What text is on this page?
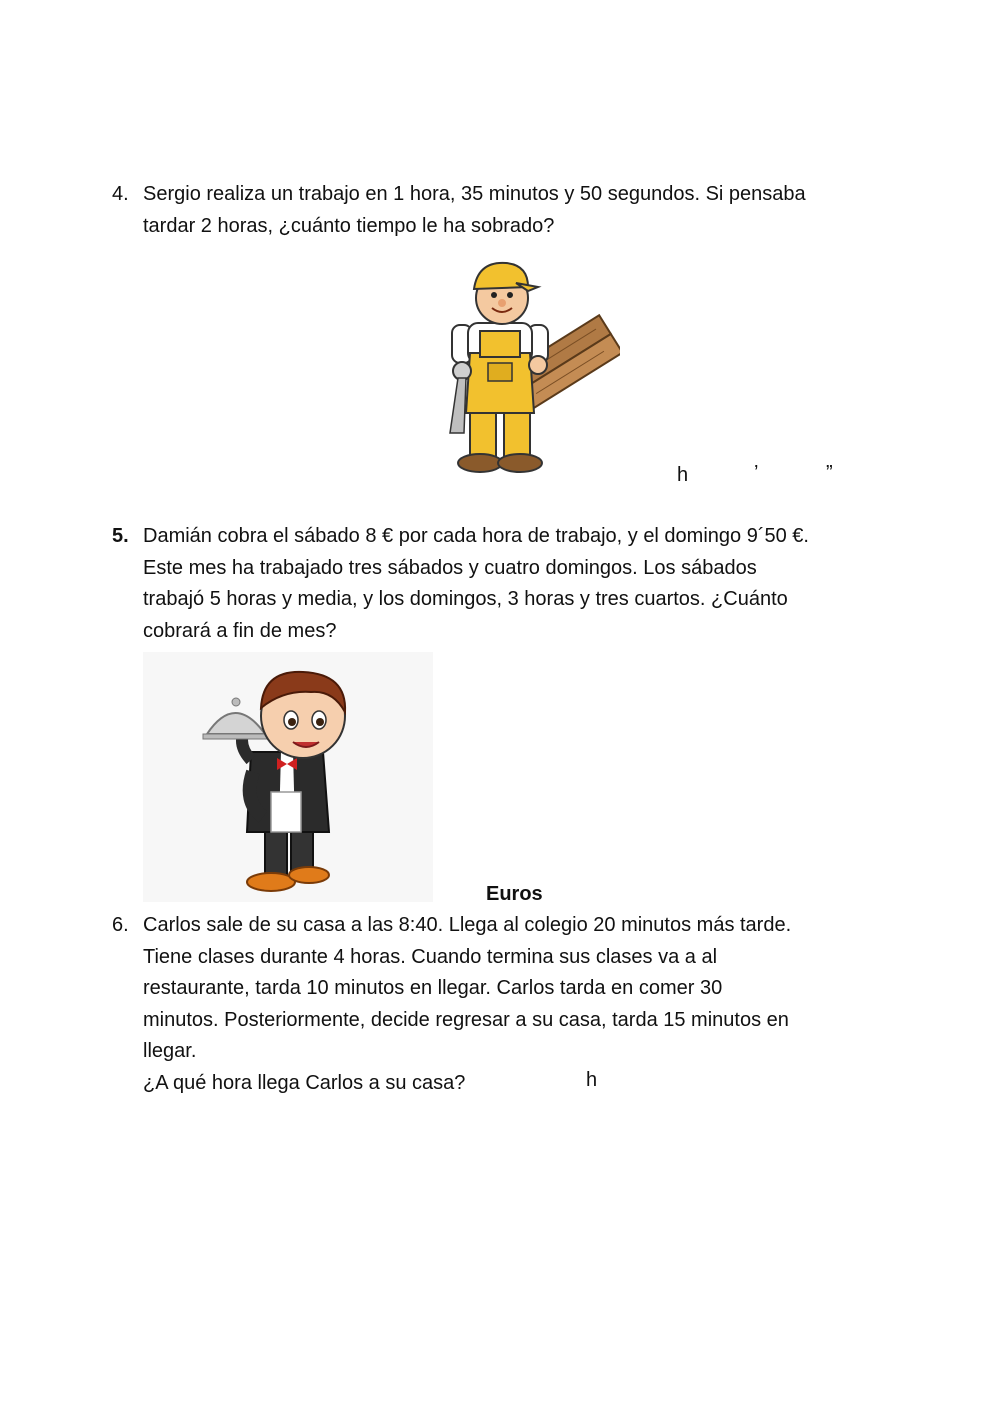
4. Sergio realiza un trabajo en 1 hora, 35 minutos y 50 segundos. Si pensaba
tardar 2 horas, ¿cuánto tiempo le ha sobrado?
h	’	”
5. Damián cobra el sábado 8 € por cada hora de trabajo, y el domingo 9´50 €.
Este mes ha trabajado tres sábados y cuatro domingos. Los sábados
trabajó 5 horas y media, y los domingos, 3 horas y tres cuartos. ¿Cuánto
cobrará a fin de mes?
Euros
6. Carlos sale de su casa a las 8:40. Llega al colegio 20 minutos más tarde.
Tiene clases durante 4 horas. Cuando termina sus clases va a al
restaurante, tarda 10 minutos en llegar. Carlos tarda en comer 30
minutos. Posteriormente, decide regresar a su casa, tarda 15 minutos en
llegar.
¿A qué hora llega Carlos a su casa?	h
